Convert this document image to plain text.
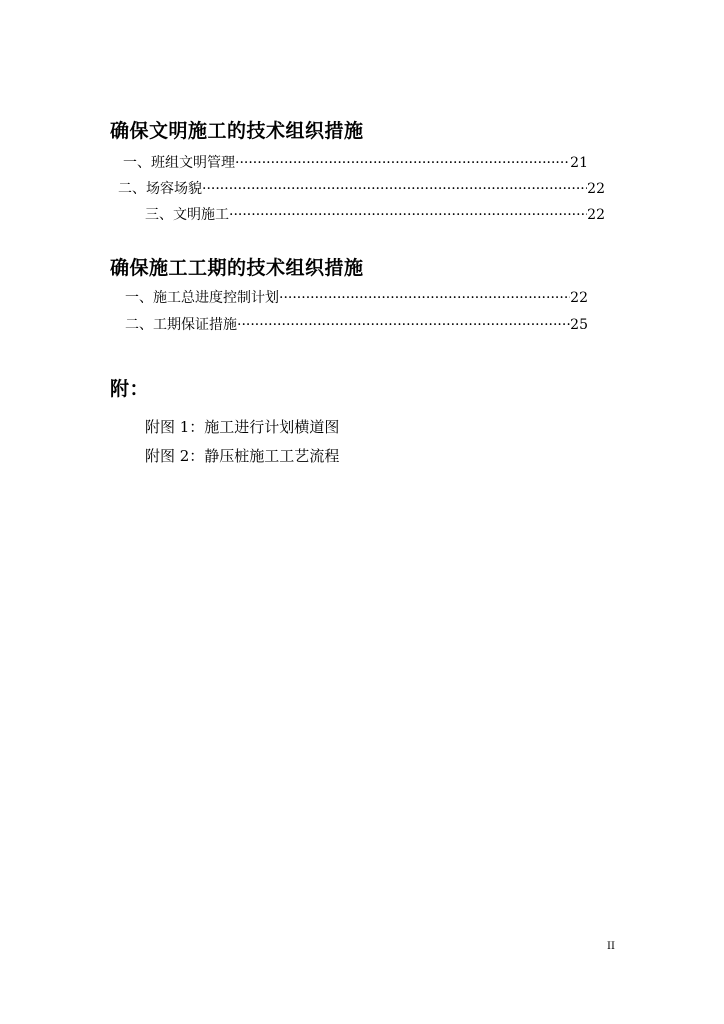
确保文明施工的技术组织措施
一、班组文明管理 ·····	21
二、场容场貌 ·····	22
三、文明施工 ·····	22
确保施工工期的技术组织措施
一、施工总进度控制计划 ·····	22
二、工期保证措施 ·····	25
附：
附图 1：施工进行计划横道图
附图 2：静压桩施工工艺流程
II
